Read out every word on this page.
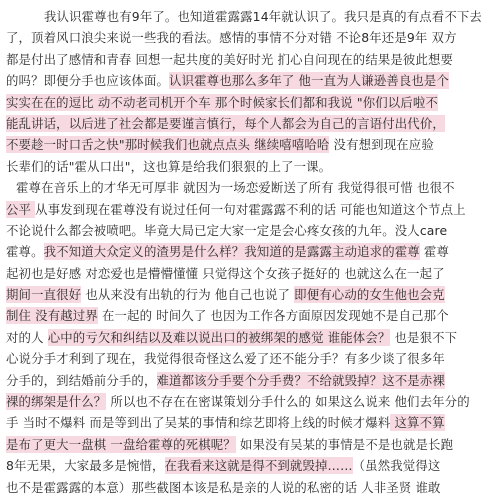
我认识霍尊也有9年了。也知道霍露露14年就认识了。我只是真的有点看不下去
了，顶着风口浪尖来说一些我的看法。感情的事情不分对错 不论8年还是9年 双方
都是付出了感情和青春 回想一起共度的美好时光 扪心自问现在的结果是彼此想要
的吗？即便分手也应该体面。认识霍尊也那么多年了 他一直为人谦逊善良也是个
实实在在的逗比 动不动老司机开个车 那个时候家长们都和我说 "你们以后啦不
能乱讲话，以后进了社会都是要谨言慎行，每个人都会为自己的言语付出代价，
不要趁一时口舌之快"那时候我们也就点点头 继续嘻嘻哈哈 没有想到现在应验
长辈们的话"霍从口出"，这也算是给我们狠狠的上了一课。
霍尊在音乐上的才华无可厚非 就因为一场恋爱断送了所有 我觉得很可惜 也很不
公平 从事发到现在霍尊没有说过任何一句对霍露露不利的话 可能也知道这个节点上
不论说什么都会被喷吧。毕竟大局已定大家一定是会心疼女孩的九年。没人care
霍尊。我不知道大众定义的渣男是什么样？我知道的是露露主动追求的霍尊 霍尊
起初也是好感 对恋爱也是懵懵懂懂 只觉得这个女孩子挺好的 也就这么在一起了
期间一直很好 也从来没有出轨的行为 他自己也说了 即便有心动的女生他也会克
制住 没有越过界 在一起的 时间久了 也因为工作各方面原因发现她不是自己那个
对的人 心中的亏欠和纠结以及难以说出口的被绑架的感觉 谁能体会？ 也是狠不下
心说分手才利到了现在，我觉得很奇怪这么爱了还不能分手？有多少谈了很多年
分手的，到结婚前分手的，难道都该分手要个分手费？不给就毁掉？这不是赤裸
裸的绑架是什么？ 所以也不存在在密谋策划分手什么的 如果这么说来 他们去年分的
手 当时不爆料 而是等到出了吴某的事情和综艺即将上线的时候才爆料 这算不算
是布了更大一盘棋 一盘给霍尊的死棋呢？ 如果没有吴某的事情是不是也就是长跑
8年无果，大家最多是惋惜，在我看来这就是得不到就毁掉……（虽然我觉得这
也不是霍露露的本意）那些截图本该是私是亲的人说的私密的话 人非圣贤 谁敢
